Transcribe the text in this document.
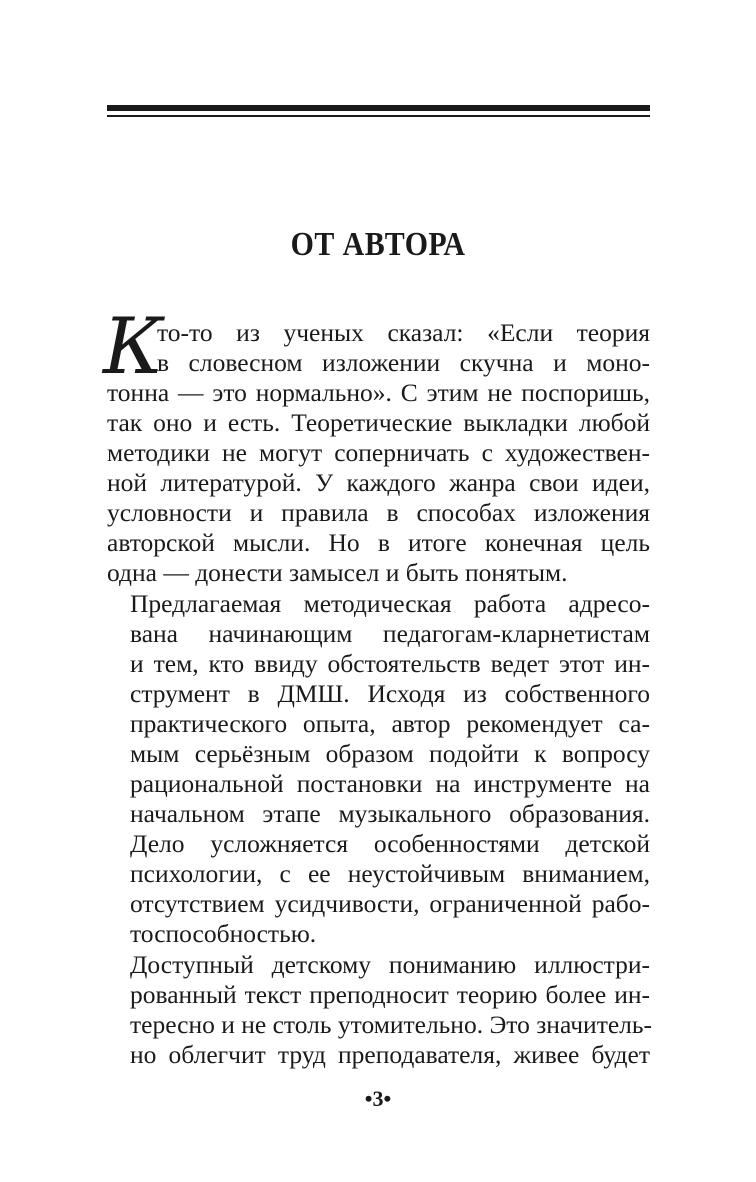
ОТ АВТОРА
К
то-то из ученых сказал: «Если теория
в словесном изложении скучна и моно-
тонна — это нормально». С этим не поспоришь,
так оно и есть. Теоретические выкладки любой
методики не могут соперничать с художествен-
ной литературой. У каждого жанра свои идеи,
условности и правила в способах изложения
авторской мысли. Но в итоге конечная цель
одна — донести замысел и быть понятым.
Предлагаемая методическая работа адресо-
вана начинающим педагогам-кларнетистам
и тем, кто ввиду обстоятельств ведет этот ин-
струмент в ДМШ. Исходя из собственного
практического опыта, автор рекомендует са-
мым серьёзным образом подойти к вопросу
рациональной постановки на инструменте на
начальном этапе музыкального образования.
Дело усложняется особенностями детской
психологии, с ее неустойчивым вниманием,
отсутствием усидчивости, ограниченной рабо-
тоспособностью.
Доступный детскому пониманию иллюстри-
рованный текст преподносит теорию более ин-
тересно и не столь утомительно. Это значитель-
но облегчит труд преподавателя, живее будет
•3•
